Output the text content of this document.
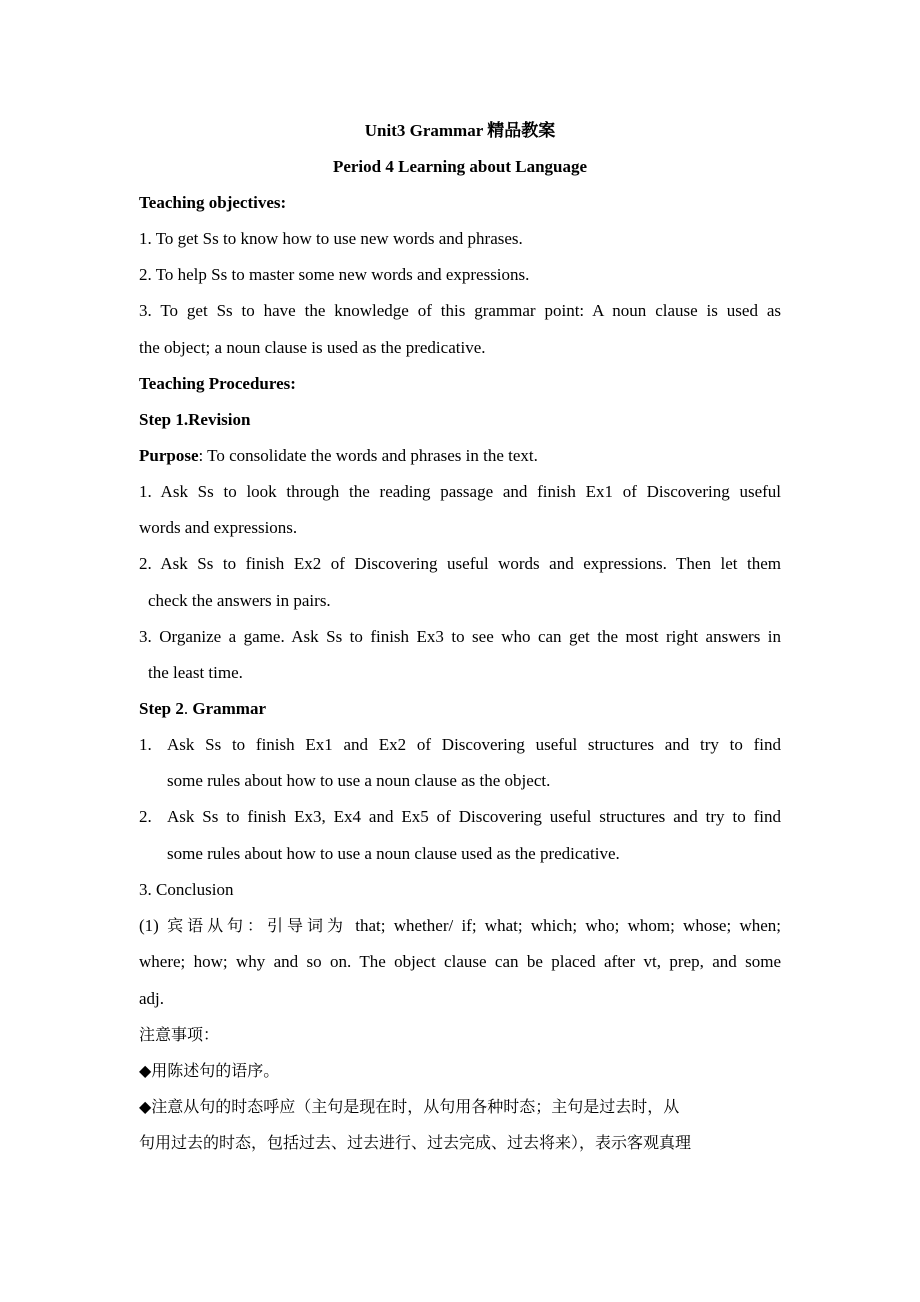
Unit3 Grammar 精品教案
Period 4 Learning about Language
Teaching objectives:
1. To get Ss to know how to use new words and phrases.
2. To help Ss to master some new words and expressions.
3. To get Ss to have the knowledge of this grammar point: A noun clause is used as
the object; a noun clause is used as the predicative.
Teaching Procedures:
Step 1.Revision
Purpose: To consolidate the words and phrases in the text.
1. Ask Ss to look through the reading passage and finish Ex1 of Discovering useful
words and expressions.
2. Ask Ss to finish Ex2 of Discovering useful words and expressions. Then let them
check the answers in pairs.
3. Organize a game. Ask Ss to finish Ex3 to see who can get the most right answers in
the least time.
Step 2. Grammar
1. Ask Ss to finish Ex1 and Ex2 of Discovering useful structures and try to find
some rules about how to use a noun clause as the object.
2. Ask Ss to finish Ex3, Ex4 and Ex5 of Discovering useful structures and try to find
some rules about how to use a noun clause used as the predicative.
3. Conclusion
(1) 宾语从句：引导词为 that; whether/ if; what; which; who; whom; whose; when;
where; how; why and so on. The object clause can be placed after vt, prep, and some
adj.
注意事项：
◆用陈述句的语序。
◆注意从句的时态呼应（主句是现在时，从句用各种时态；主句是过去时，从
句用过去的时态，包括过去、过去进行、过去完成、过去将来），表示客观真理
